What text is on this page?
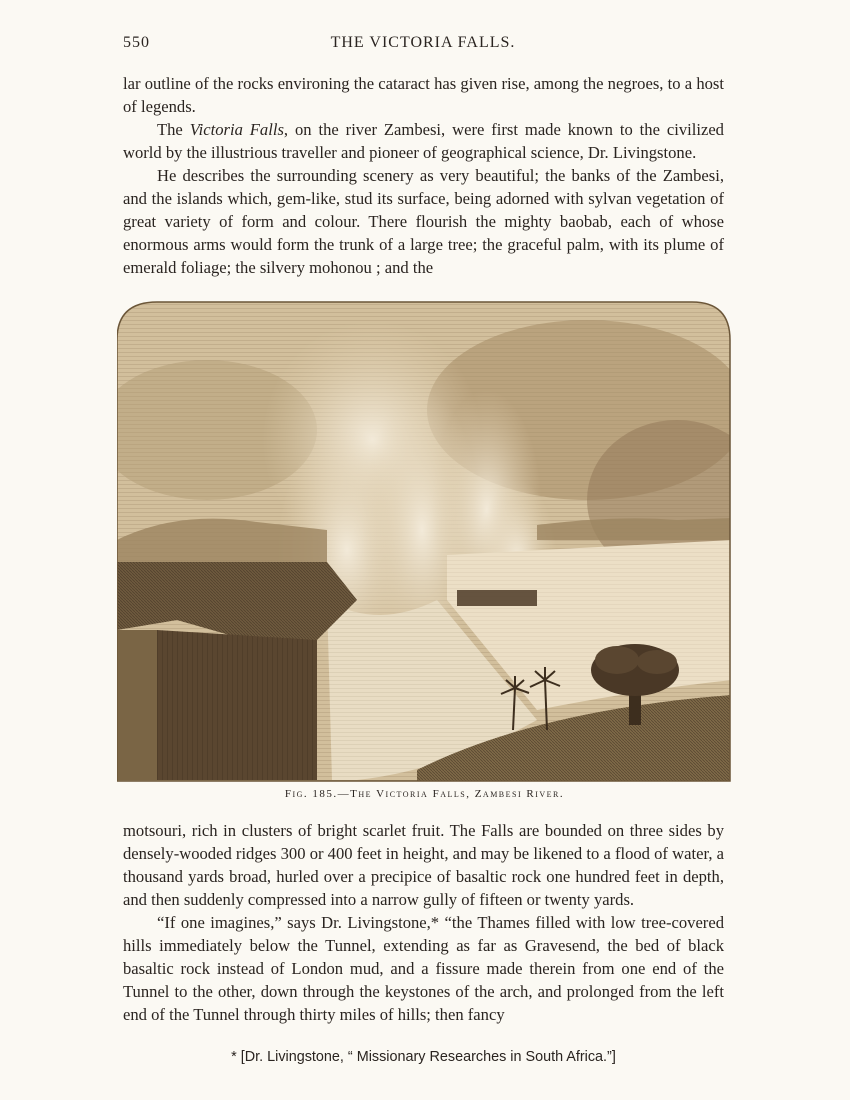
550	THE VICTORIA FALLS.

lar outline of the rocks environing the cataract has given rise, among the negroes, to a host of legends.

The Victoria Falls, on the river Zambesi, were first made known to the civilized world by the illustrious traveller and pioneer of geographical science, Dr. Livingstone.

He describes the surrounding scenery as very beautiful; the banks of the Zambesi, and the islands which, gem-like, stud its surface, being adorned with sylvan vegetation of great variety of form and colour. There flourish the mighty baobab, each of whose enormous arms would form the trunk of a large tree; the graceful palm, with its plume of emerald foliage; the silvery mohonou ; and the

Fig. 185.—The Victoria Falls, Zambesi River.

motsouri, rich in clusters of bright scarlet fruit. The Falls are bounded on three sides by densely-wooded ridges 300 or 400 feet in height, and may be likened to a flood of water, a thousand yards broad, hurled over a precipice of basaltic rock one hundred feet in depth, and then suddenly compressed into a narrow gully of fifteen or twenty yards.

“If one imagines,” says Dr. Livingstone,* “the Thames filled with low tree-covered hills immediately below the Tunnel, extending as far as Gravesend, the bed of black basaltic rock instead of London mud, and a fissure made therein from one end of the Tunnel to the other, down through the keystones of the arch, and prolonged from the left end of the Tunnel through thirty miles of hills; then fancy

* [Dr. Livingstone, “ Missionary Researches in South Africa.”]
